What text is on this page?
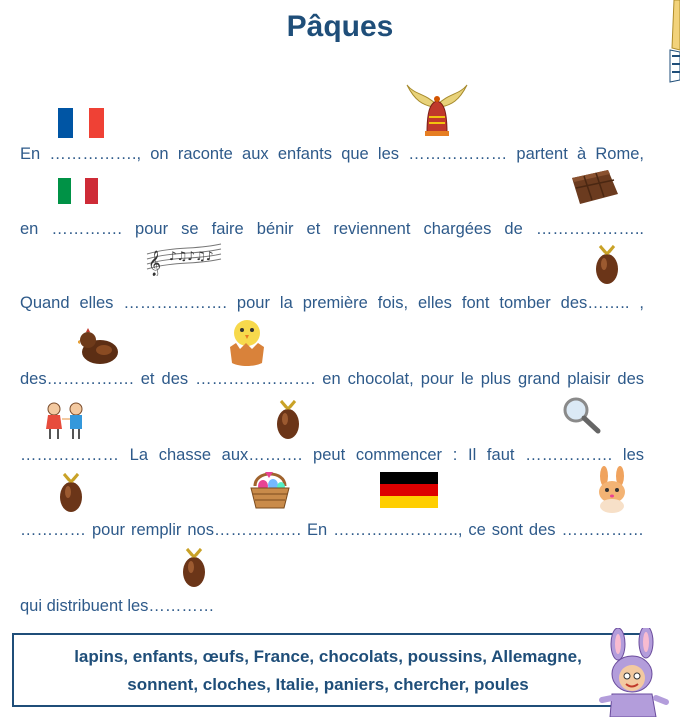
Pâques
En ……………., on raconte aux enfants que les ……………… partent à Rome,
en …………. pour se faire bénir et reviennent chargées de ………………..
𝄞 ♪♫♪♫♪
Quand elles ………………. pour la première fois, elles font tomber des…….. ,
des……………. et des …………………. en chocolat, pour le plus grand plaisir des
……………… La chasse aux………. peut commencer : Il faut ……………. les
………… pour remplir nos……………. En ………………….., ce sont des ……………
qui distribuent les…………
lapins, enfants, œufs, France, chocolats, poussins, Allemagne,
sonnent, cloches, Italie, paniers, chercher, poules
